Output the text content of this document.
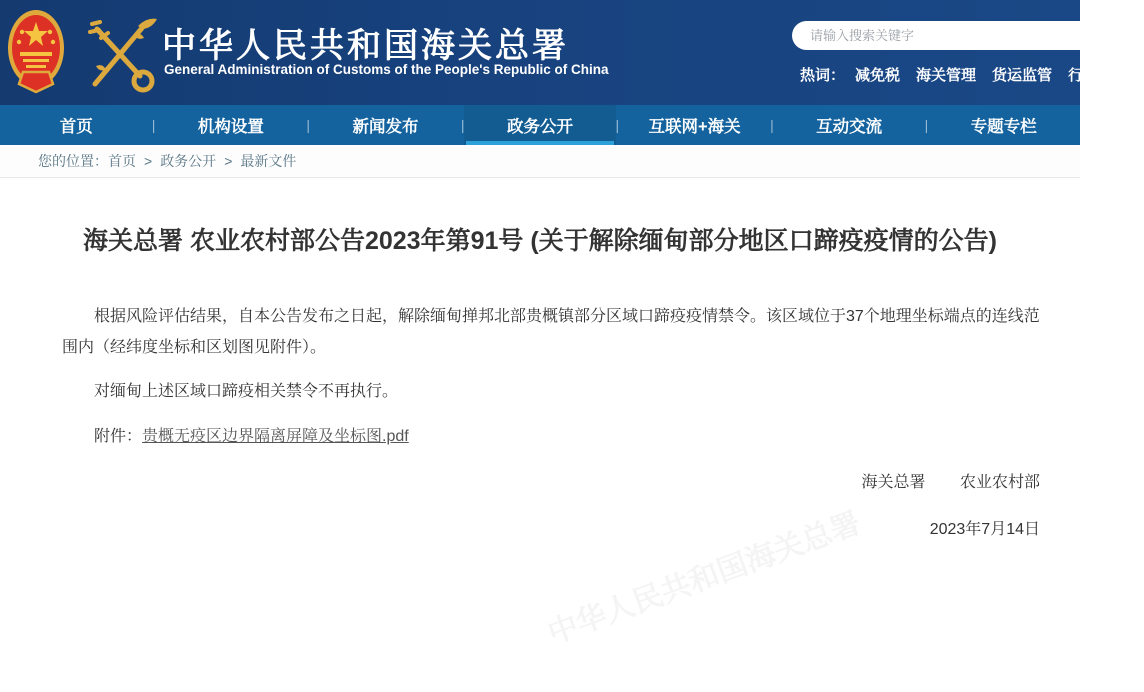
中华人民共和国海关总署
General Administration of Customs of the People's Republic of China
请输入搜索关键字	热词： 减免税 海关管理 货运监管 行政监管
首页	|	机构设置	|	新闻发布	|	政务公开	| 互联网+海关 |	互动交流	|	专题专栏
您的位置： 首页 > 政务公开 > 最新文件
海关总署 农业农村部公告2023年第91号 (关于解除缅甸部分地区口蹄疫疫情的公告)

根据风险评估结果，自本公告发布之日起，解除缅甸掸邦北部贵概镇部分区域口蹄疫疫情禁令。该区域位于37个地理坐标端点的连线范围内（经纬度坐标和区划图见附件）。

对缅甸上述区域口蹄疫相关禁令不再执行。

附件：贵概无疫区边界隔离屏障及坐标图.pdf

海关总署 农业农村部
2023年7月14日
